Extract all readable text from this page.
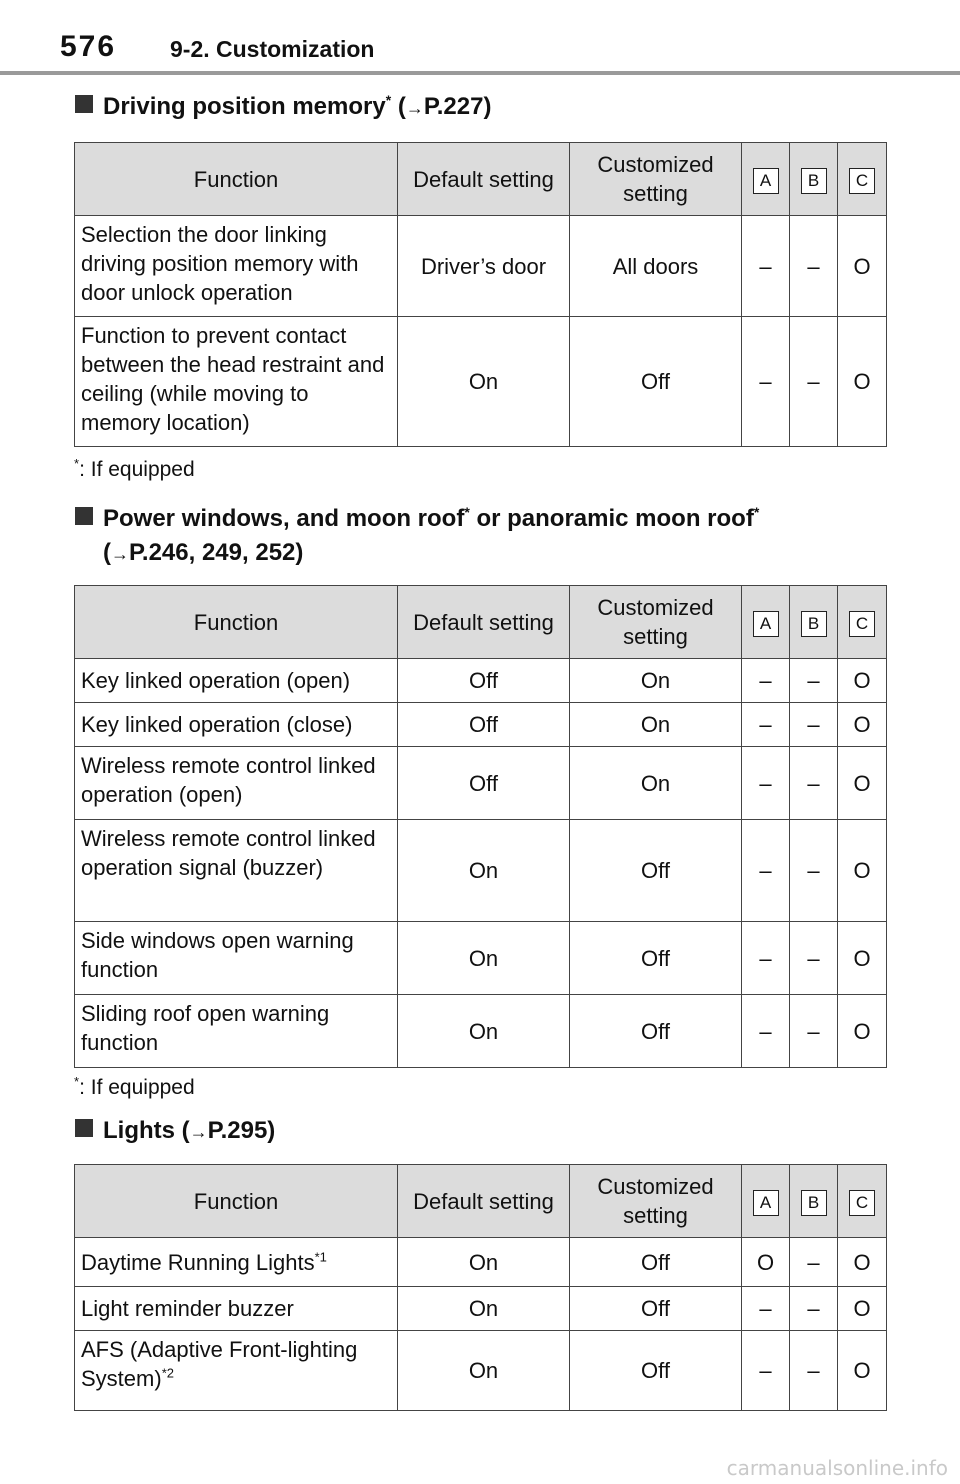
576 9-2. Customization
Driving position memory* (→P.227)
Function	Default setting	Customized setting	A	B	C
Selection the door linking driving position memory with door unlock operation	Driver’s door	All doors	–	–	O
Function to prevent contact between the head restraint and ceiling (while moving to memory location)	On	Off	–	–	O
*: If equipped
Power windows, and moon roof* or panoramic moon roof*
(→P.246, 249, 252)
Function	Default setting	Customized setting	A	B	C
Key linked operation (open)	Off	On	–	–	O
Key linked operation (close)	Off	On	–	–	O
Wireless remote control linked operation (open)	Off	On	–	–	O
Wireless remote control linked operation signal (buzzer)	On	Off	–	–	O
Side windows open warning function	On	Off	–	–	O
Sliding roof open warning function	On	Off	–	–	O
*: If equipped
Lights (→P.295)
Function	Default setting	Customized setting	A	B	C
Daytime Running Lights$^{*1}$	On	Off	O	–	O
Light reminder buzzer	On	Off	–	–	O
AFS (Adaptive Front-lighting System)$^{*2}$	On	Off	–	–	O
carmanualsonline.info
